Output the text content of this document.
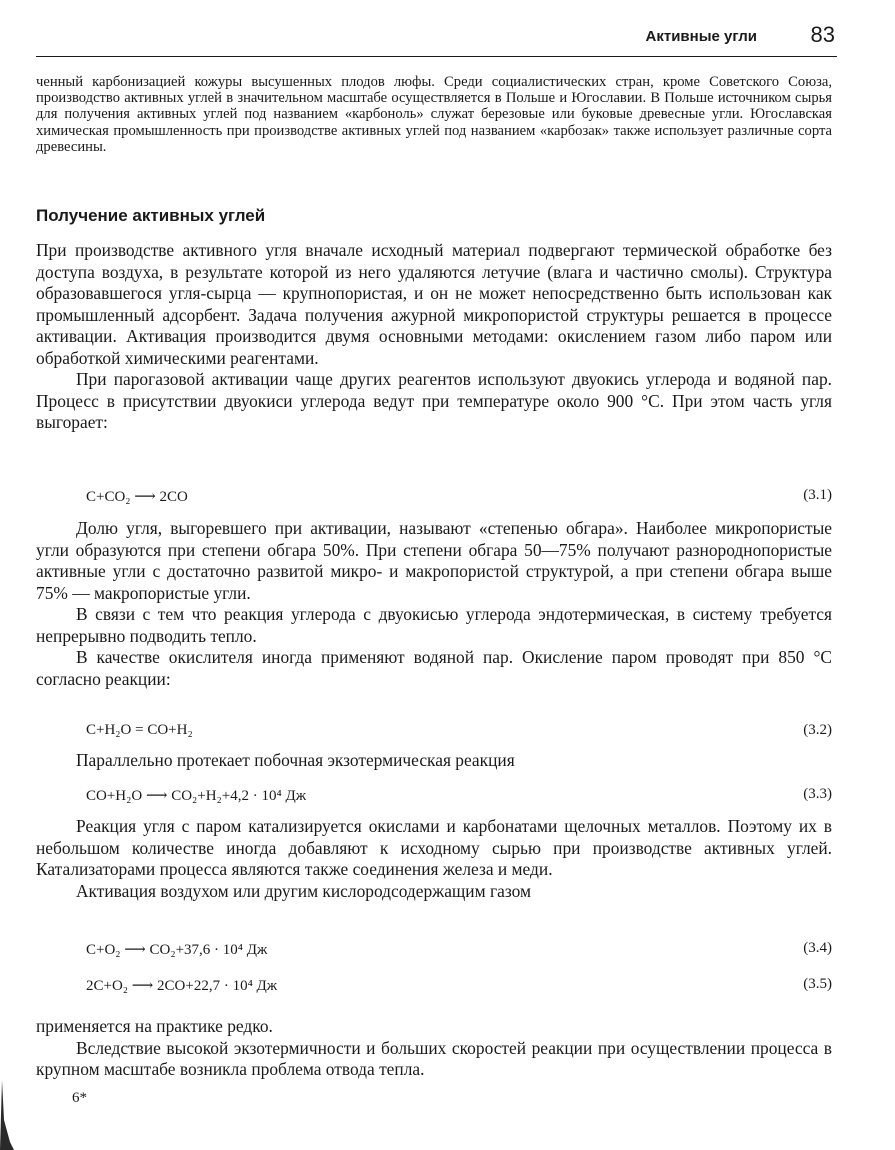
Активные угли 83

ченный карбонизацией кожуры высушенных плодов люфы. Среди социалистических стран, кроме Советского Союза, производство активных углей в значительном масштабе осуществляется в Польше и Югославии. В Польше источником сырья для получения активных углей под названием «карбоноль» служат березовые или буковые древесные угли. Югославская химическая промышленность при производстве активных углей под названием «карбозак» также использует различные сорта древесины.

Получение активных углей

При производстве активного угля вначале исходный материал подвергают термической обработке без доступа воздуха, в результате которой из него удаляются летучие (влага и частично смолы). Структура образовавшегося угля-сырца — крупнопористая, и он не может непосредственно быть использован как промышленный адсорбент. Задача получения ажурной микропористой структуры решается в процессе активации. Активация производится двумя основными методами: окислением газом либо паром или обработкой химическими реагентами.

При парогазовой активации чаще других реагентов используют двуокись углерода и водяной пар. Процесс в присутствии двуокиси углерода ведут при температуре около 900 °С. При этом часть угля выгорает:

C+CO₂ ⟶ 2CO	(3.1)

Долю угля, выгоревшего при активации, называют «степенью обгара». Наиболее микропористые угли образуются при степени обгара 50%. При степени обгара 50—75% получают разнороднопористые активные угли с достаточно развитой микро- и макропористой структурой, а при степени обгара выше 75% — макропористые угли.

В связи с тем что реакция углерода с двуокисью углерода эндотермическая, в систему требуется непрерывно подводить тепло.

В качестве окислителя иногда применяют водяной пар. Окисление паром проводят при 850 °С согласно реакции:

C+H₂O = CO+H₂	(3.2)

Параллельно протекает побочная экзотермическая реакция

CO+H₂O ⟶ CO₂+H₂+4,2 · 10⁴ Дж	(3.3)

Реакция угля с паром катализируется окислами и карбонатами щелочных металлов. Поэтому их в небольшом количестве иногда добавляют к исходному сырью при производстве активных углей. Катализаторами процесса являются также соединения железа и меди.

Активация воздухом или другим кислородсодержащим газом

C+O₂ ⟶ CO₂+37,6 · 10⁴ Дж	(3.4)
2C+O₂ ⟶ 2CO+22,7 · 10⁴ Дж	(3.5)

применяется на практике редко.

Вследствие высокой экзотермичности и больших скоростей реакции при осуществлении процесса в крупном масштабе возникла проблема отвода тепла.

6*
